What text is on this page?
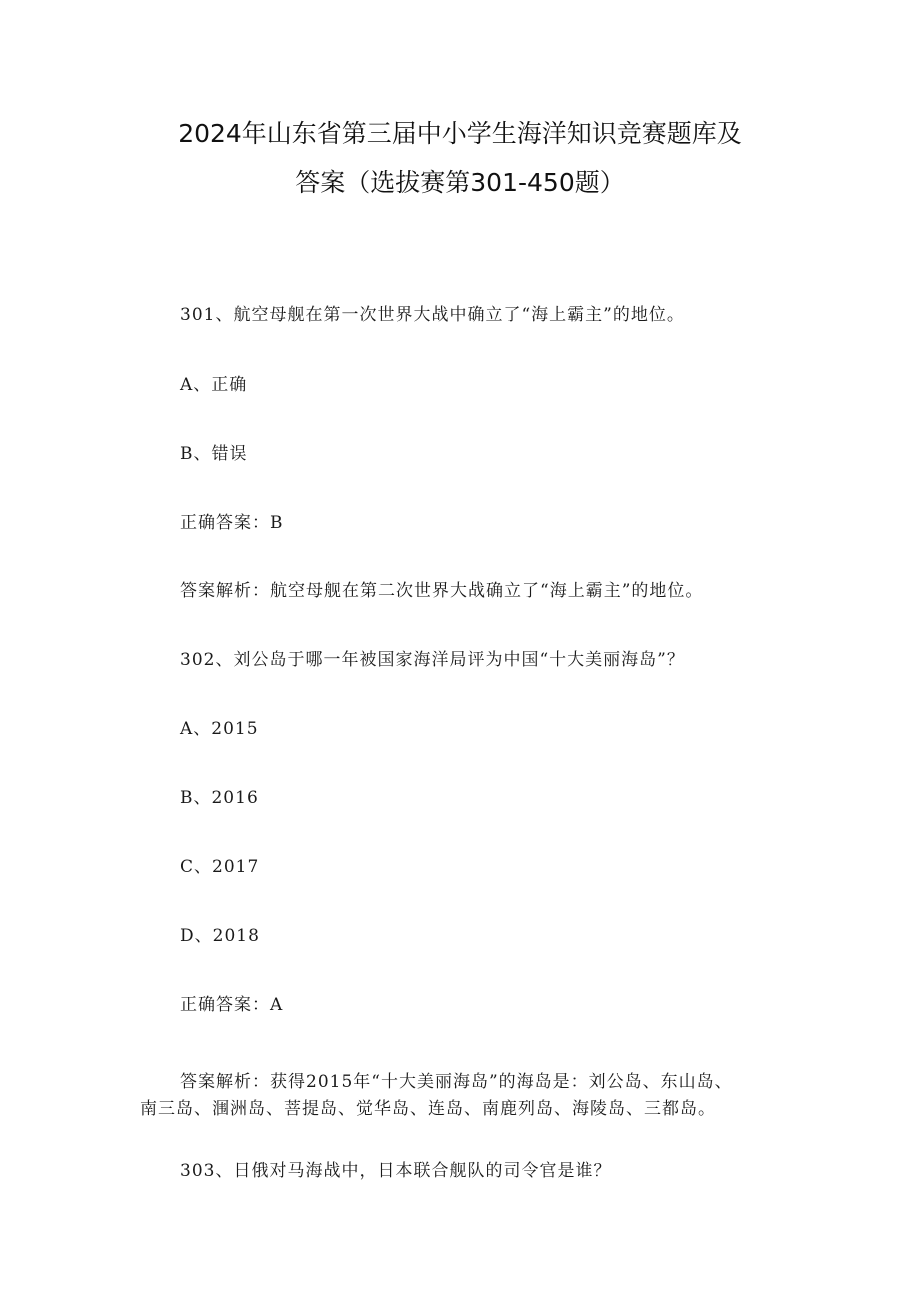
2024年山东省第三届中小学生海洋知识竞赛题库及
答案（选拔赛第301-450题）
301、航空母舰在第一次世界大战中确立了“海上霸主”的地位。
A、正确
B、错误
正确答案：B
答案解析：航空母舰在第二次世界大战确立了“海上霸主”的地位。
302、刘公岛于哪一年被国家海洋局评为中国“十大美丽海岛”？
A、2015
B、2016
C、2017
D、2018
正确答案：A
答案解析：获得2015年“十大美丽海岛”的海岛是：刘公岛、东山岛、
南三岛、涠洲岛、菩提岛、觉华岛、连岛、南鹿列岛、海陵岛、三都岛。
303、日俄对马海战中，日本联合舰队的司令官是谁？
